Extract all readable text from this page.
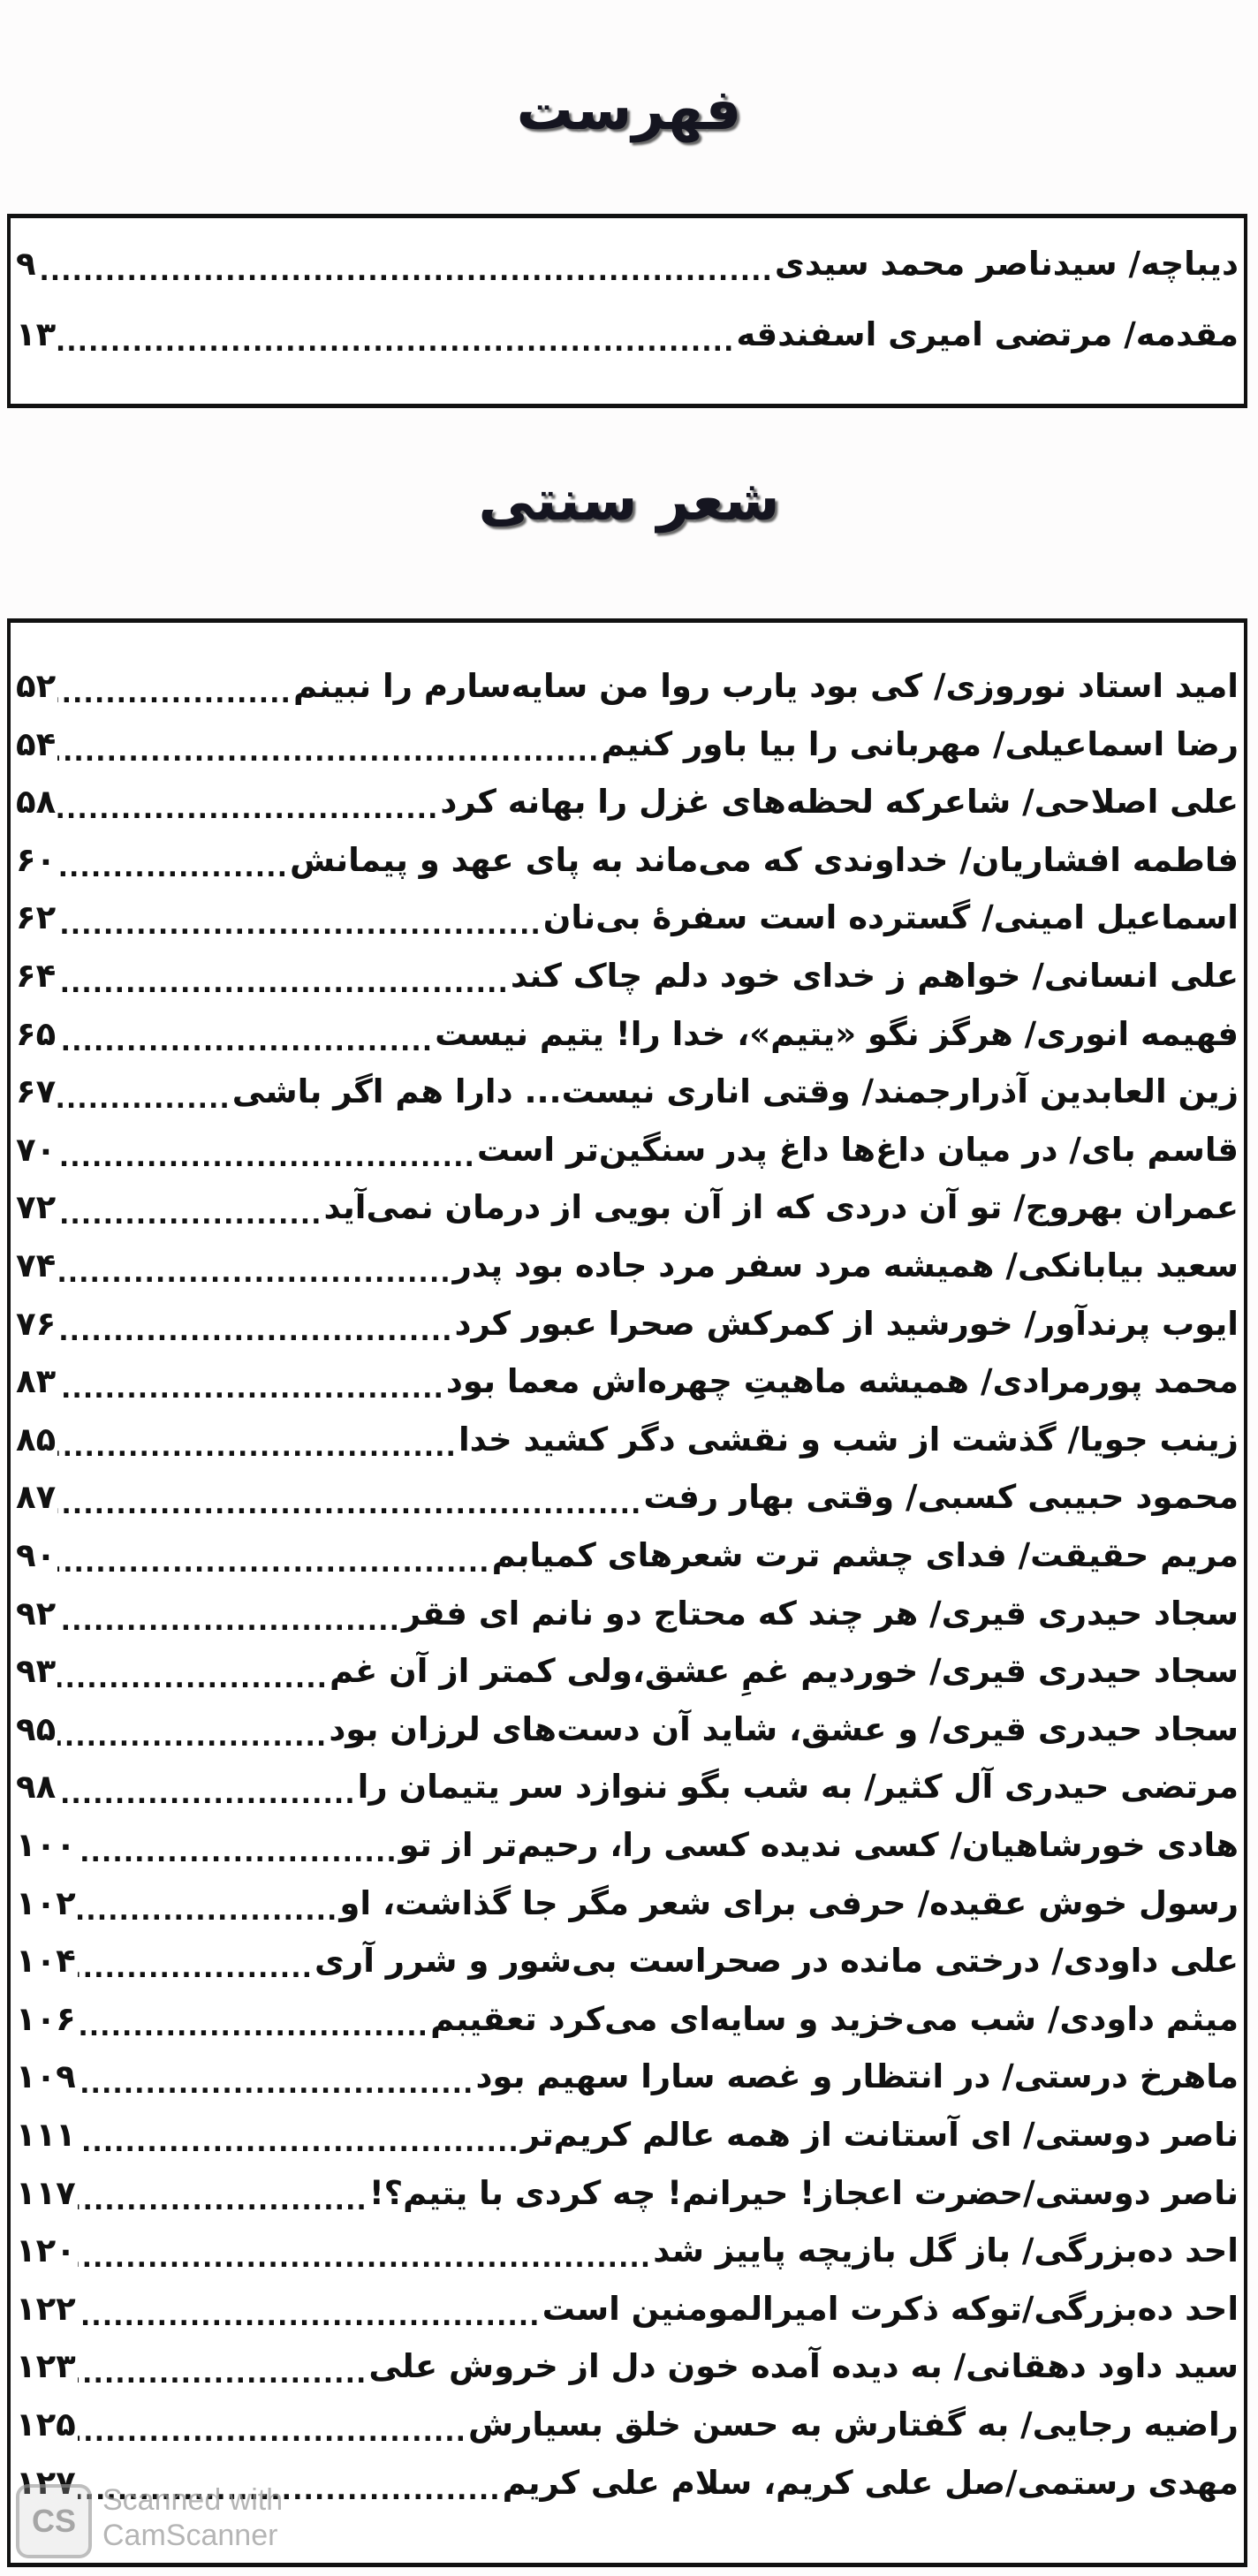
فهرست
دیباچه/ سیدناصر محمد سیدی
.....
۹
مقدمه/ مرتضی امیری اسفندقه
.....
۱۳
شعر سنتی
امید استاد نوروزی/ کی بود یارب روا من سایه‌سارم را نبینم
.....
۵۲
رضا اسماعیلی/ مهربانی را بیا باور کنیم
.....
۵۴
علی اصلاحی/ شاعرکه لحظه‌های غزل را بهانه کرد
.....
۵۸
فاطمه افشاریان/ خداوندی که می‌ماند به پای عهد و پیمانش
.....
۶۰
اسماعیل امینی/ گسترده است سفرهٔ بی‌نان
.....
۶۲
علی انسانی/ خواهم ز خدای خود دلم چاک کند
.....
۶۴
فهیمه انوری/ هرگز نگو «یتیم»، خدا را! یتیم نیست
.....
۶۵
زین العابدین آذرارجمند/ وقتی اناری نیست... دارا هم اگر باشی
.....
۶۷
قاسم بای/ در میان داغ‌ها داغ پدر سنگین‌تر است
.....
۷۰
عمران بهروج/ تو آن دردی که از آن بویی از درمان نمی‌آید
.....
۷۲
سعید بیابانکی/ همیشه مرد سفر مرد جاده بود پدر
.....
۷۴
ایوب پرندآور/ خورشید از کمرکش صحرا عبور کرد
.....
۷۶
محمد پورمرادی/ همیشه ماهیتِ چهره‌اش معما بود
.....
۸۳
زینب جویا/ گذشت از شب و نقشی دگر کشید خدا
.....
۸۵
محمود حبیبی کسبی/ وقتی بهار رفت
.....
۸۷
مریم حقیقت/ فدای چشم ترت شعرهای کمیابم
.....
۹۰
سجاد حیدری قیری/ هر چند که محتاج دو نانم ای فقر
.....
۹۲
سجاد حیدری قیری/ خوردیم غمِ عشق،ولی کمتر از آن غم
.....
۹۳
سجاد حیدری قیری/ و عشق، شاید آن دست‌های لرزان بود
.....
۹۵
مرتضی حیدری آل کثیر/ به شب بگو ننوازد سر یتیمان را
.....
۹۸
هادی خورشاهیان/ کسی ندیده کسی را، رحیم‌تر از تو
.....
۱۰۰
رسول خوش عقیده/ حرفی برای شعر مگر جا گذاشت، او
.....
۱۰۲
علی داودی/ درختی مانده در صحراست بی‌شور و شرر آری
.....
۱۰۴
میثم داودی/ شب می‌خزید و سایه‌ای می‌کرد تعقیبم
.....
۱۰۶
ماهرخ درستی/ در انتظار و غصه سارا سهیم بود
.....
۱۰۹
ناصر دوستی/ ای آستانت از همه عالم کریم‌تر
.....
۱۱۱
ناصر دوستی/حضرت اعجاز! حیرانم! چه کردی با یتیم؟!
.....
۱۱۷
احد ده‌بزرگی/ باز گل بازیچه پاییز شد
.....
۱۲۰
احد ده‌بزرگی/توکه ذکرت امیرالمومنین است
.....
۱۲۲
سید داود دهقانی/ به دیده آمده خون دل از خروش علی
.....
۱۲۳
راضیه رجایی/ به گفتارش به حسن خلق بسیارش
.....
۱۲۵
مهدی رستمی/صل علی کریم، سلام علی کریم
.....
۱۲۷
CS
Scanned with
CamScanner
